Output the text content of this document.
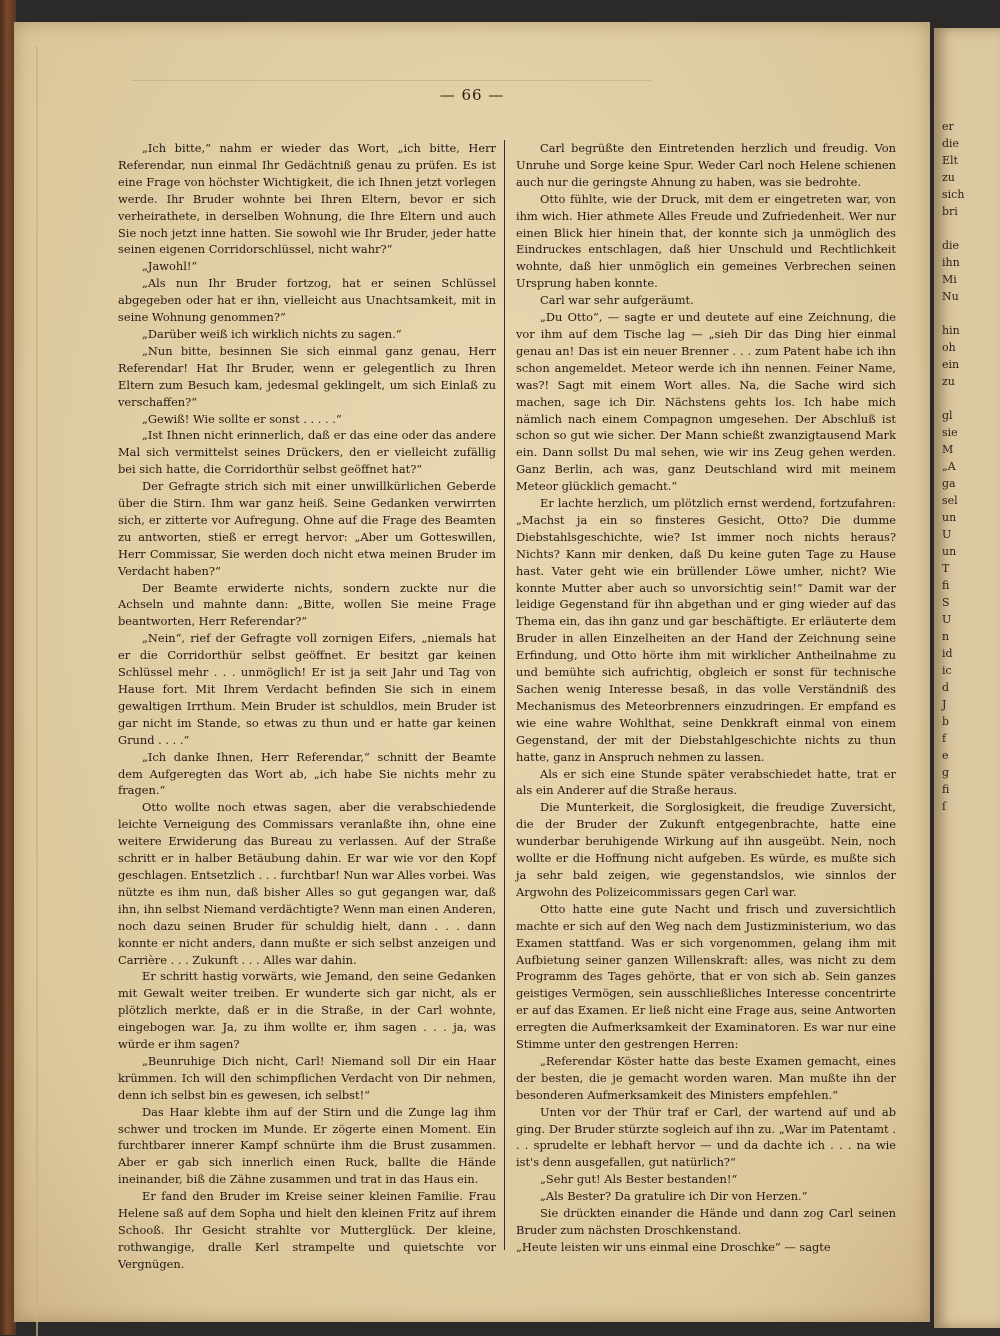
— 66 —

„Ich bitte,“ nahm er wieder das Wort, „ich bitte, Herr Referendar, nun einmal Ihr Gedächtniß genau zu prüfen. Es ist eine Frage von höchster Wichtigkeit, die ich Ihnen jetzt vorlegen werde. Ihr Bruder wohnte bei Ihren Eltern, bevor er sich verheirathete, in derselben Wohnung, die Ihre Eltern und auch Sie noch jetzt inne hatten. Sie sowohl wie Ihr Bruder, jeder hatte seinen eigenen Corridorschlüssel, nicht wahr?“

„Jawohl!“

„Als nun Ihr Bruder fortzog, hat er seinen Schlüssel abgegeben oder hat er ihn, vielleicht aus Unachtsamkeit, mit in seine Wohnung genommen?“

„Darüber weiß ich wirklich nichts zu sagen.“

„Nun bitte, besinnen Sie sich einmal ganz genau, Herr Referendar! Hat Ihr Bruder, wenn er gelegentlich zu Ihren Eltern zum Besuch kam, jedesmal geklingelt, um sich Einlaß zu verschaffen?“

„Gewiß! Wie sollte er sonst . . . . .“

„Ist Ihnen nicht erinnerlich, daß er das eine oder das andere Mal sich vermittelst seines Drückers, den er vielleicht zufällig bei sich hatte, die Corridorthür selbst geöffnet hat?“

Der Gefragte strich sich mit einer unwillkürlichen Geberde über die Stirn. Ihm war ganz heiß. Seine Gedanken verwirrten sich, er zitterte vor Aufregung. Ohne auf die Frage des Beamten zu antworten, stieß er erregt hervor: „Aber um Gotteswillen, Herr Commissar, Sie werden doch nicht etwa meinen Bruder im Verdacht haben?“

Der Beamte erwiderte nichts, sondern zuckte nur die Achseln und mahnte dann: „Bitte, wollen Sie meine Frage beantworten, Herr Referendar?“

„Nein“, rief der Gefragte voll zornigen Eifers, „niemals hat er die Corridorthür selbst geöffnet. Er besitzt gar keinen Schlüssel mehr . . . unmöglich! Er ist ja seit Jahr und Tag von Hause fort. Mit Ihrem Verdacht befinden Sie sich in einem gewaltigen Irrthum. Mein Bruder ist schuldlos, mein Bruder ist gar nicht im Stande, so etwas zu thun und er hatte gar keinen Grund . . . .“

„Ich danke Ihnen, Herr Referendar,“ schnitt der Beamte dem Aufgeregten das Wort ab, „ich habe Sie nichts mehr zu fragen.“

Otto wollte noch etwas sagen, aber die verabschiedende leichte Verneigung des Commissars veranlaßte ihn, ohne eine weitere Erwiderung das Bureau zu verlassen. Auf der Straße schritt er in halber Betäubung dahin. Er war wie vor den Kopf geschlagen. Entsetzlich . . . furchtbar! Nun war Alles vorbei. Was nützte es ihm nun, daß bisher Alles so gut gegangen war, daß ihn, ihn selbst Niemand verdächtigte? Wenn man einen Anderen, noch dazu seinen Bruder für schuldig hielt, dann . . . dann konnte er nicht anders, dann mußte er sich selbst anzeigen und Carrière . . . Zukunft . . . Alles war dahin.

Er schritt hastig vorwärts, wie Jemand, den seine Gedanken mit Gewalt weiter treiben. Er wunderte sich gar nicht, als er plötzlich merkte, daß er in die Straße, in der Carl wohnte, eingebogen war. Ja, zu ihm wollte er, ihm sagen . . . ja, was würde er ihm sagen?

„Beunruhige Dich nicht, Carl! Niemand soll Dir ein Haar krümmen. Ich will den schimpflichen Verdacht von Dir nehmen, denn ich selbst bin es gewesen, ich selbst!“

Das Haar klebte ihm auf der Stirn und die Zunge lag ihm schwer und trocken im Munde. Er zögerte einen Moment. Ein furchtbarer innerer Kampf schnürte ihm die Brust zusammen. Aber er gab sich innerlich einen Ruck, ballte die Hände ineinander, biß die Zähne zusammen und trat in das Haus ein.

Er fand den Bruder im Kreise seiner kleinen Familie. Frau Helene saß auf dem Sopha und hielt den kleinen Fritz auf ihrem Schooß. Ihr Gesicht strahlte vor Mutterglück. Der kleine, rothwangige, dralle Kerl strampelte und quietschte vor Vergnügen.

Carl begrüßte den Eintretenden herzlich und freudig. Von Unruhe und Sorge keine Spur. Weder Carl noch Helene schienen auch nur die geringste Ahnung zu haben, was sie bedrohte.

Otto fühlte, wie der Druck, mit dem er eingetreten war, von ihm wich. Hier athmete Alles Freude und Zufriedenheit. Wer nur einen Blick hier hinein that, der konnte sich ja unmöglich des Eindruckes entschlagen, daß hier Unschuld und Rechtlichkeit wohnte, daß hier unmöglich ein gemeines Verbrechen seinen Ursprung haben konnte.

Carl war sehr aufgeräumt.

„Du Otto“, — sagte er und deutete auf eine Zeichnung, die vor ihm auf dem Tische lag — „sieh Dir das Ding hier einmal genau an! Das ist ein neuer Brenner . . . zum Patent habe ich ihn schon angemeldet. Meteor werde ich ihn nennen. Feiner Name, was?! Sagt mit einem Wort alles. Na, die Sache wird sich machen, sage ich Dir. Nächstens gehts los. Ich habe mich nämlich nach einem Compagnon umgesehen. Der Abschluß ist schon so gut wie sicher. Der Mann schießt zwanzigtausend Mark ein. Dann sollst Du mal sehen, wie wir ins Zeug gehen werden. Ganz Berlin, ach was, ganz Deutschland wird mit meinem Meteor glücklich gemacht.“

Er lachte herzlich, um plötzlich ernst werdend, fortzufahren: „Machst ja ein so finsteres Gesicht, Otto? Die dumme Diebstahlsgeschichte, wie? Ist immer noch nichts heraus? Nichts? Kann mir denken, daß Du keine guten Tage zu Hause hast. Vater geht wie ein brüllender Löwe umher, nicht? Wie konnte Mutter aber auch so unvorsichtig sein!“ Damit war der leidige Gegenstand für ihn abgethan und er ging wieder auf das Thema ein, das ihn ganz und gar beschäftigte. Er erläuterte dem Bruder in allen Einzelheiten an der Hand der Zeichnung seine Erfindung, und Otto hörte ihm mit wirklicher Antheilnahme zu und bemühte sich aufrichtig, obgleich er sonst für technische Sachen wenig Interesse besaß, in das volle Verständniß des Mechanismus des Meteorbrenners einzudringen. Er empfand es wie eine wahre Wohlthat, seine Denkkraft einmal von einem Gegenstand, der mit der Diebstahlgeschichte nichts zu thun hatte, ganz in Anspruch nehmen zu lassen.

Als er sich eine Stunde später verabschiedet hatte, trat er als ein Anderer auf die Straße heraus.

Die Munterkeit, die Sorglosigkeit, die freudige Zuversicht, die der Bruder der Zukunft entgegenbrachte, hatte eine wunderbar beruhigende Wirkung auf ihn ausgeübt. Nein, noch wollte er die Hoffnung nicht aufgeben. Es würde, es mußte sich ja sehr bald zeigen, wie gegenstandslos, wie sinnlos der Argwohn des Polizeicommissars gegen Carl war.

Otto hatte eine gute Nacht und frisch und zuversichtlich machte er sich auf den Weg nach dem Justizministerium, wo das Examen stattfand. Was er sich vorgenommen, gelang ihm mit Aufbietung seiner ganzen Willenskraft: alles, was nicht zu dem Programm des Tages gehörte, that er von sich ab. Sein ganzes geistiges Vermögen, sein ausschließliches Interesse concentrirte er auf das Examen. Er ließ nicht eine Frage aus, seine Antworten erregten die Aufmerksamkeit der Examinatoren. Es war nur eine Stimme unter den gestrengen Herren:

„Referendar Köster hatte das beste Examen gemacht, eines der besten, die je gemacht worden waren. Man mußte ihn der besonderen Aufmerksamkeit des Ministers empfehlen.“

Unten vor der Thür traf er Carl, der wartend auf und ab ging. Der Bruder stürzte sogleich auf ihn zu. „War im Patentamt . . . sprudelte er lebhaft hervor — und da dachte ich . . . na wie ist's denn ausgefallen, gut natürlich?“

„Sehr gut! Als Bester bestanden!“

„Als Bester? Da gratulire ich Dir von Herzen.“

Sie drückten einander die Hände und dann zog Carl seinen Bruder zum nächsten Droschkenstand.

„Heute leisten wir uns einmal eine Droschke“ — sagte

er
die
Elt
zu
sich
bri
die
ihn
Mi
Nu
hin
oh
ein
zu
gl
sie
M
„A
ga
sel
un
U
un
T
fi
S
U
n
id
ic
d
J
b
f
e
g
fi
ſ
